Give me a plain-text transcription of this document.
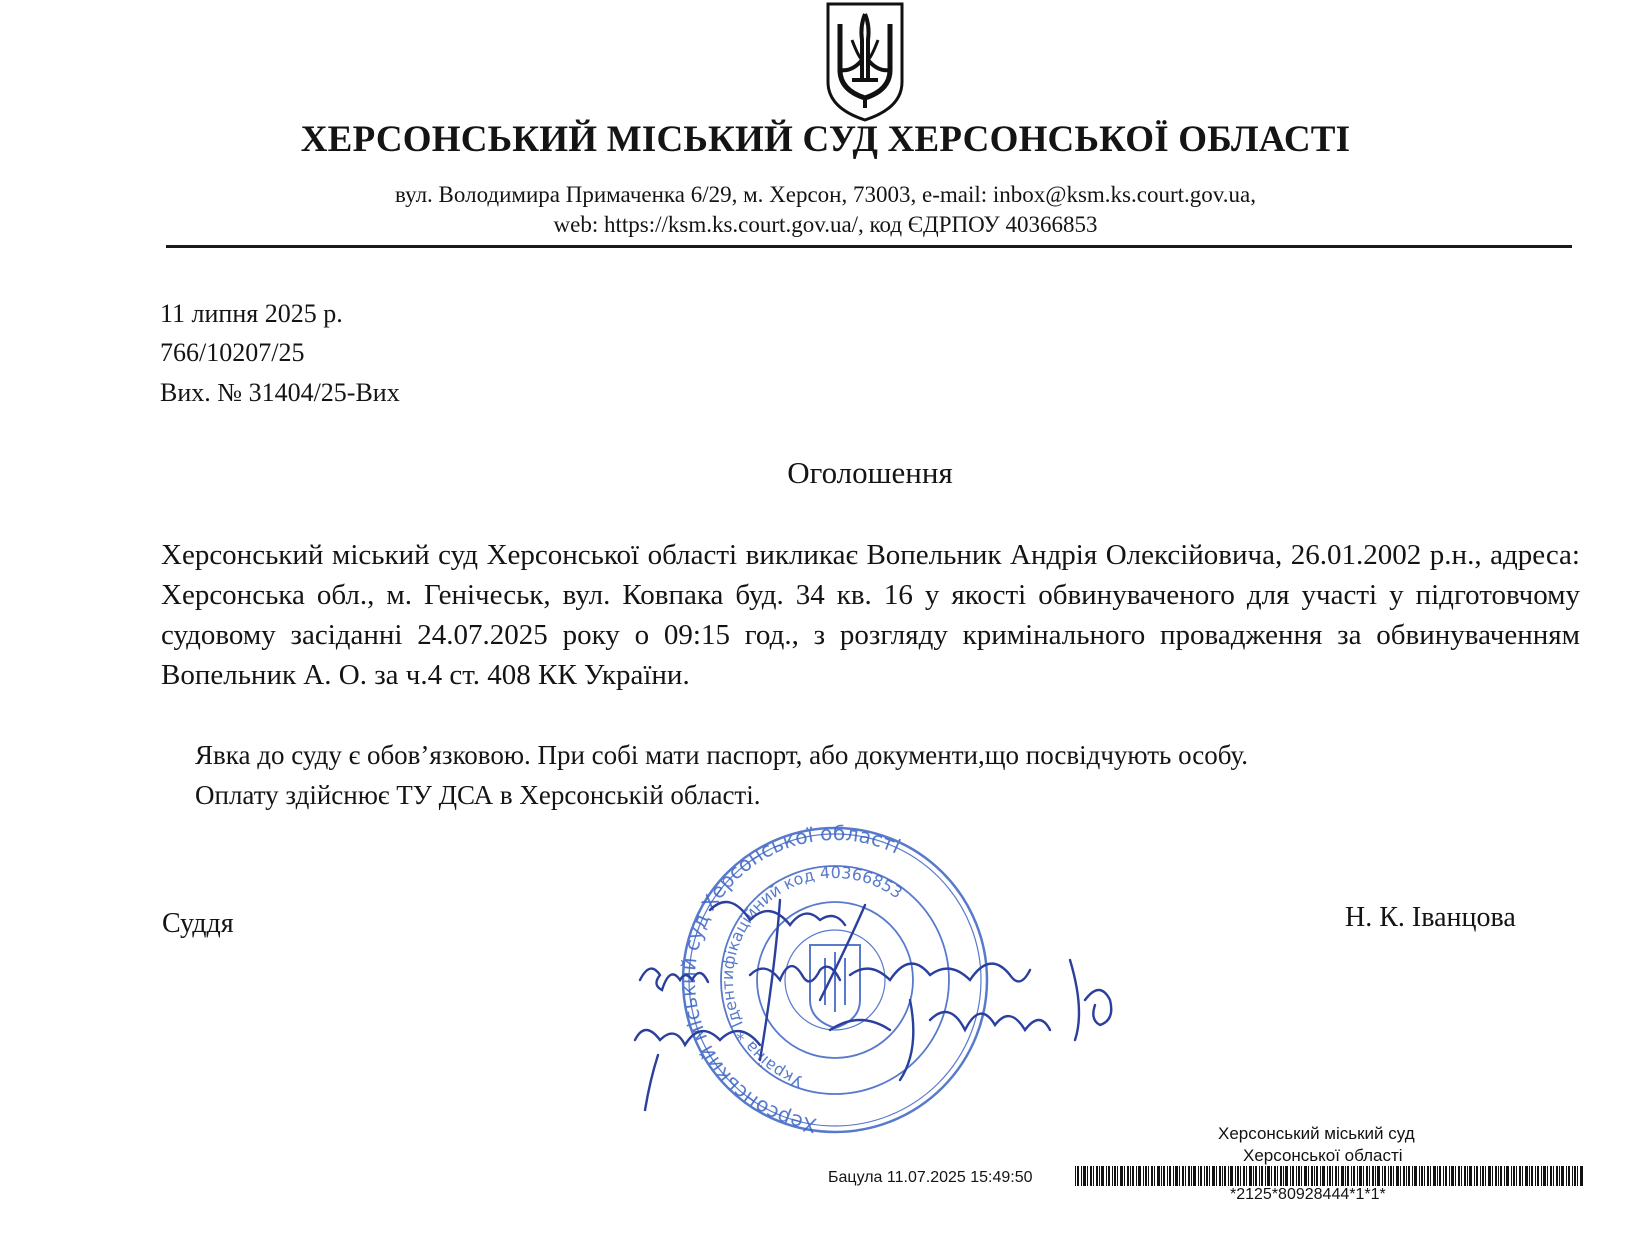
ХЕРСОНСЬКИЙ МІСЬКИЙ СУД ХЕРСОНСЬКОЇ ОБЛАСТІ
вул. Володимира Примаченка 6/29, м. Херсон, 73003, e-mail: inbox@ksm.ks.court.gov.ua,
web: https://ksm.ks.court.gov.ua/, код ЄДРПОУ 40366853
11 липня 2025 р.
766/10207/25
Вих. № 31404/25-Вих
Оголошення

Херсонський міський суд Херсонської області викликає Вопельник Андрія Олексійовича, 26.01.2002 р.н., адреса: Херсонська обл., м. Генічеськ, вул. Ковпака буд. 34 кв. 16 у якості обвинуваченого для участі у підготовчому судовому засіданні 24.07.2025 року о 09:15 год., з розгляду кримінального провадження за обвинуваченням Вопельник А. О. за ч.4 ст. 408 КК України.

Явка до суду є обов’язковою. При собі мати паспорт, або документи,що посвідчують особу.
Оплату здійснює ТУ ДСА в Херсонській області.
Суддя	Н. К. Іванцова
Херсонський міський суд Херсонської області
Україна * Ідентифікаційний код 40366853
Херсонський міський суд
Херсонської області
Бацула 11.07.2025 15:49:50
*2125*80928444*1*1*
